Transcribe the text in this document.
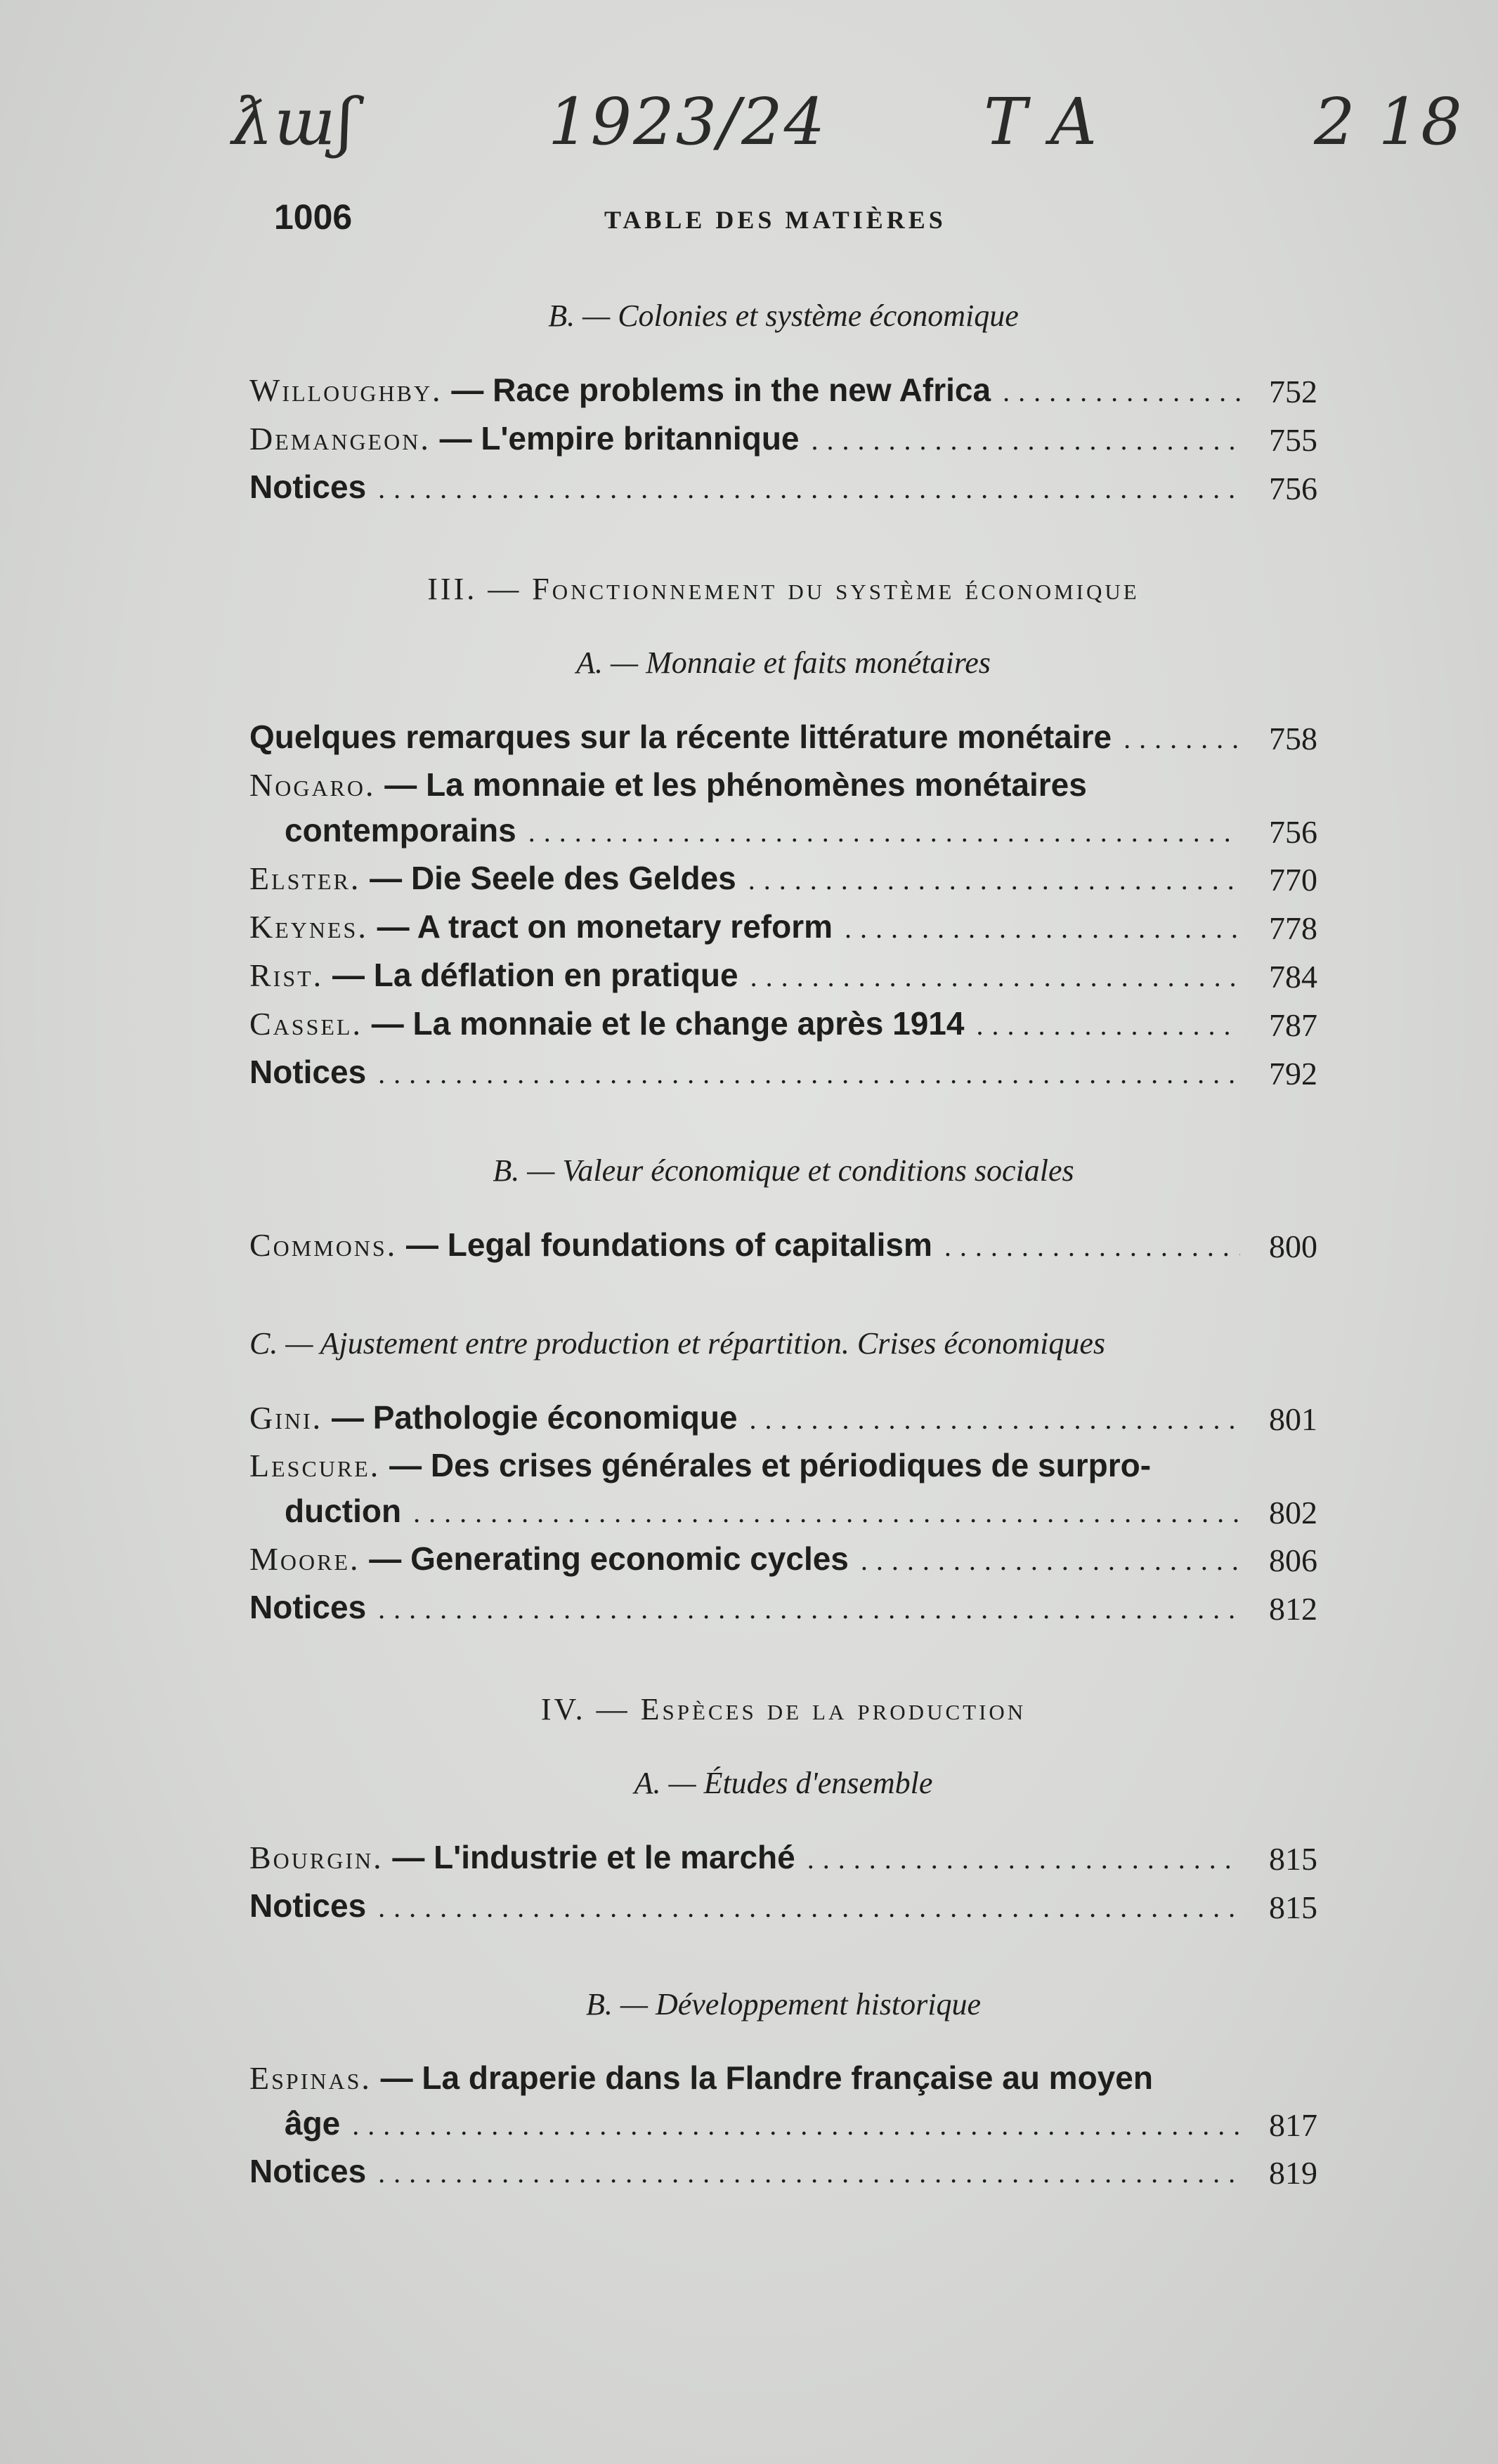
ƛɯʃ	1923/24 T A	2 18
1006	TABLE DES MATIÈRES

B. — Colonies et système économique

Willoughby. — Race problems in the new Africa . . .	752
Demangeon. — L'empire britannique . . .	755
Notices . . .	756

III. — Fonctionnement du système économique

A. — Monnaie et faits monétaires

Quelques remarques sur la récente littérature monétaire . . .	758
Nogaro. — La monnaie et les phénomènes monétaires
contemporains . . .	756
Elster. — Die Seele des Geldes . . .	770
Keynes. — A tract on monetary reform . . .	778
Rist. — La déflation en pratique . . .	784
Cassel. — La monnaie et le change après 1914 . . .	787
Notices . . .	792

B. — Valeur économique et conditions sociales

Commons. — Legal foundations of capitalism . . .	800

C. — Ajustement entre production et répartition. Crises économiques

Gini. — Pathologie économique . . .	801
Lescure. — Des crises générales et périodiques de surpro-
duction . . .	802
Moore. — Generating economic cycles . . .	806
Notices . . .	812

IV. — Espèces de la production

A. — Études d'ensemble

Bourgin. — L'industrie et le marché . . .	815
Notices . . .	815

B. — Développement historique

Espinas. — La draperie dans la Flandre française au moyen
âge . . .	817
Notices . . .	819
